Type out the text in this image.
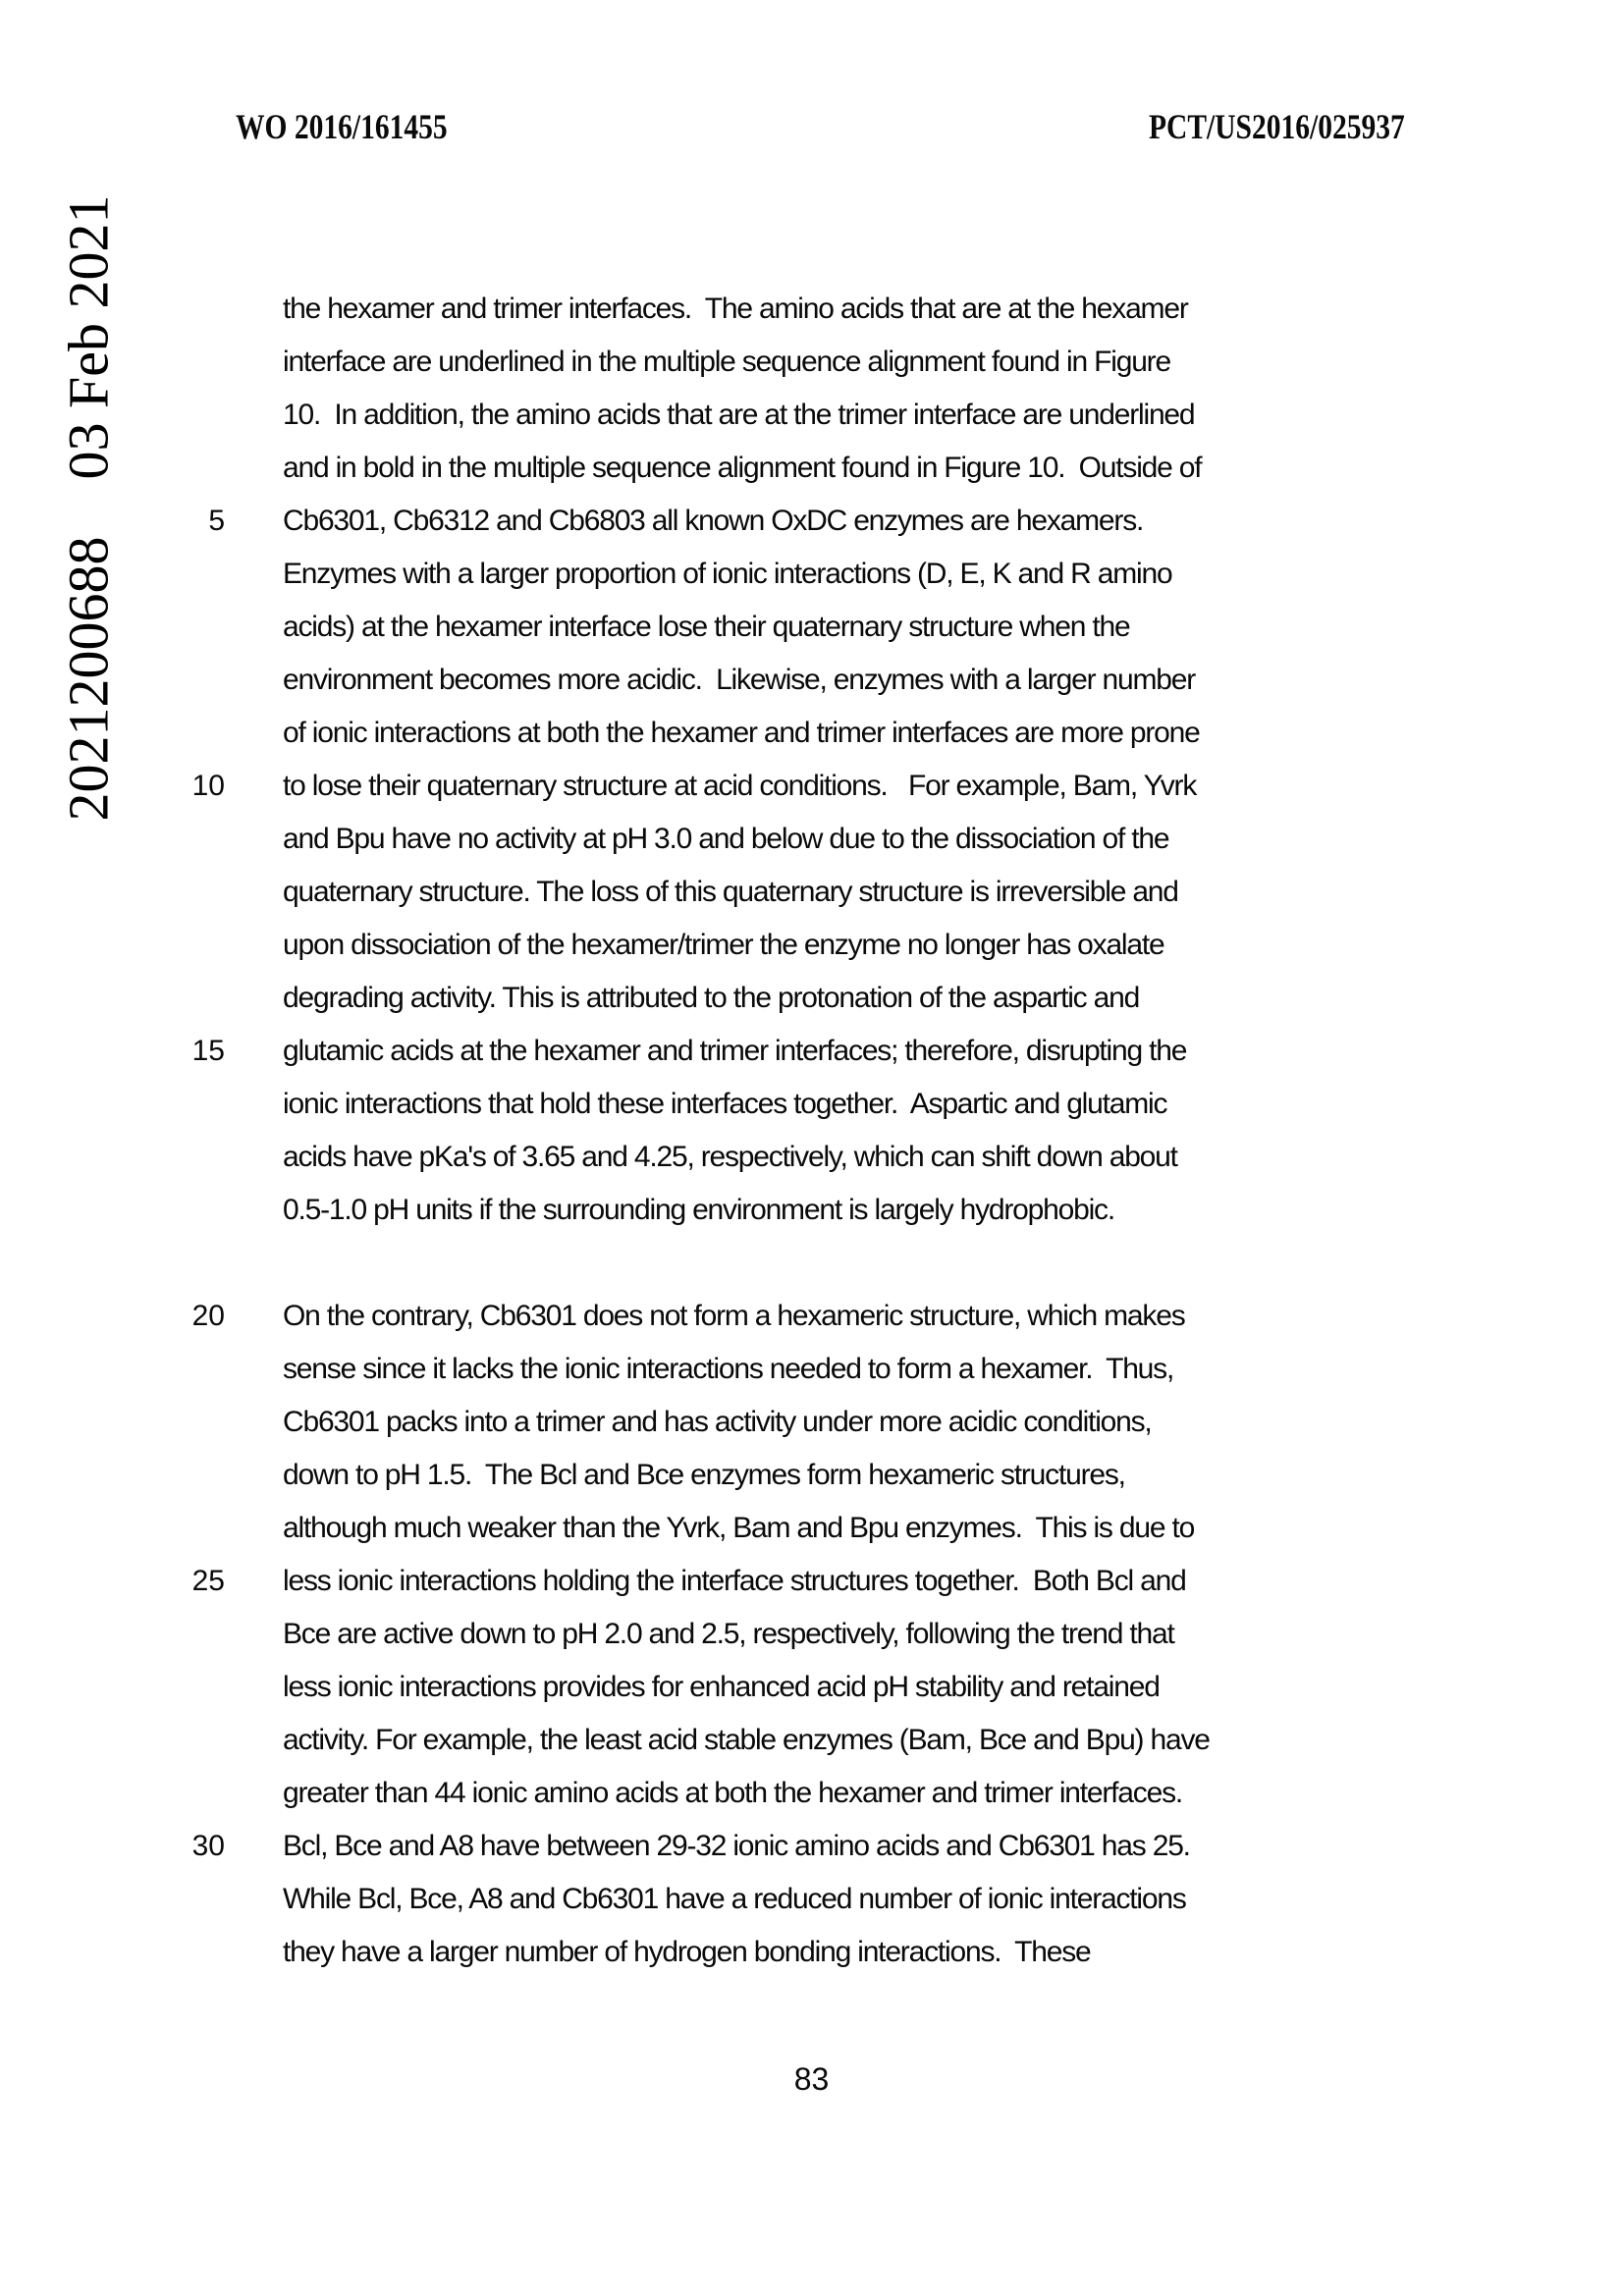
WO 2016/161455	PCT/US2016/025937
2021200688    03 Feb 2021	the hexamer and trimer interfaces.  The amino acids that are at the hexamer
interface are underlined in the multiple sequence alignment found in Figure
10.  In addition, the amino acids that are at the trimer interface are underlined
and in bold in the multiple sequence alignment found in Figure 10.  Outside of
5 Cb6301, Cb6312 and Cb6803 all known OxDC enzymes are hexamers.
Enzymes with a larger proportion of ionic interactions (D, E, K and R amino
acids) at the hexamer interface lose their quaternary structure when the
environment becomes more acidic.  Likewise, enzymes with a larger number
of ionic interactions at both the hexamer and trimer interfaces are more prone
10 to lose their quaternary structure at acid conditions.   For example, Bam, Yvrk
and Bpu have no activity at pH 3.0 and below due to the dissociation of the
quaternary structure. The loss of this quaternary structure is irreversible and
upon dissociation of the hexamer/trimer the enzyme no longer has oxalate
degrading activity. This is attributed to the protonation of the aspartic and
15 glutamic acids at the hexamer and trimer interfaces; therefore, disrupting the
ionic interactions that hold these interfaces together.  Aspartic and glutamic
acids have pKa's of 3.65 and 4.25, respectively, which can shift down about
0.5-1.0 pH units if the surrounding environment is largely hydrophobic.
20 On the contrary, Cb6301 does not form a hexameric structure, which makes
sense since it lacks the ionic interactions needed to form a hexamer.  Thus,
Cb6301 packs into a trimer and has activity under more acidic conditions,
down to pH 1.5.  The Bcl and Bce enzymes form hexameric structures,
although much weaker than the Yvrk, Bam and Bpu enzymes.  This is due to
25 less ionic interactions holding the interface structures together.  Both Bcl and
Bce are active down to pH 2.0 and 2.5, respectively, following the trend that
less ionic interactions provides for enhanced acid pH stability and retained
activity. For example, the least acid stable enzymes (Bam, Bce and Bpu) have
greater than 44 ionic amino acids at both the hexamer and trimer interfaces.
30 Bcl, Bce and A8 have between 29-32 ionic amino acids and Cb6301 has 25.
While Bcl, Bce, A8 and Cb6301 have a reduced number of ionic interactions
they have a larger number of hydrogen bonding interactions.  These
83
